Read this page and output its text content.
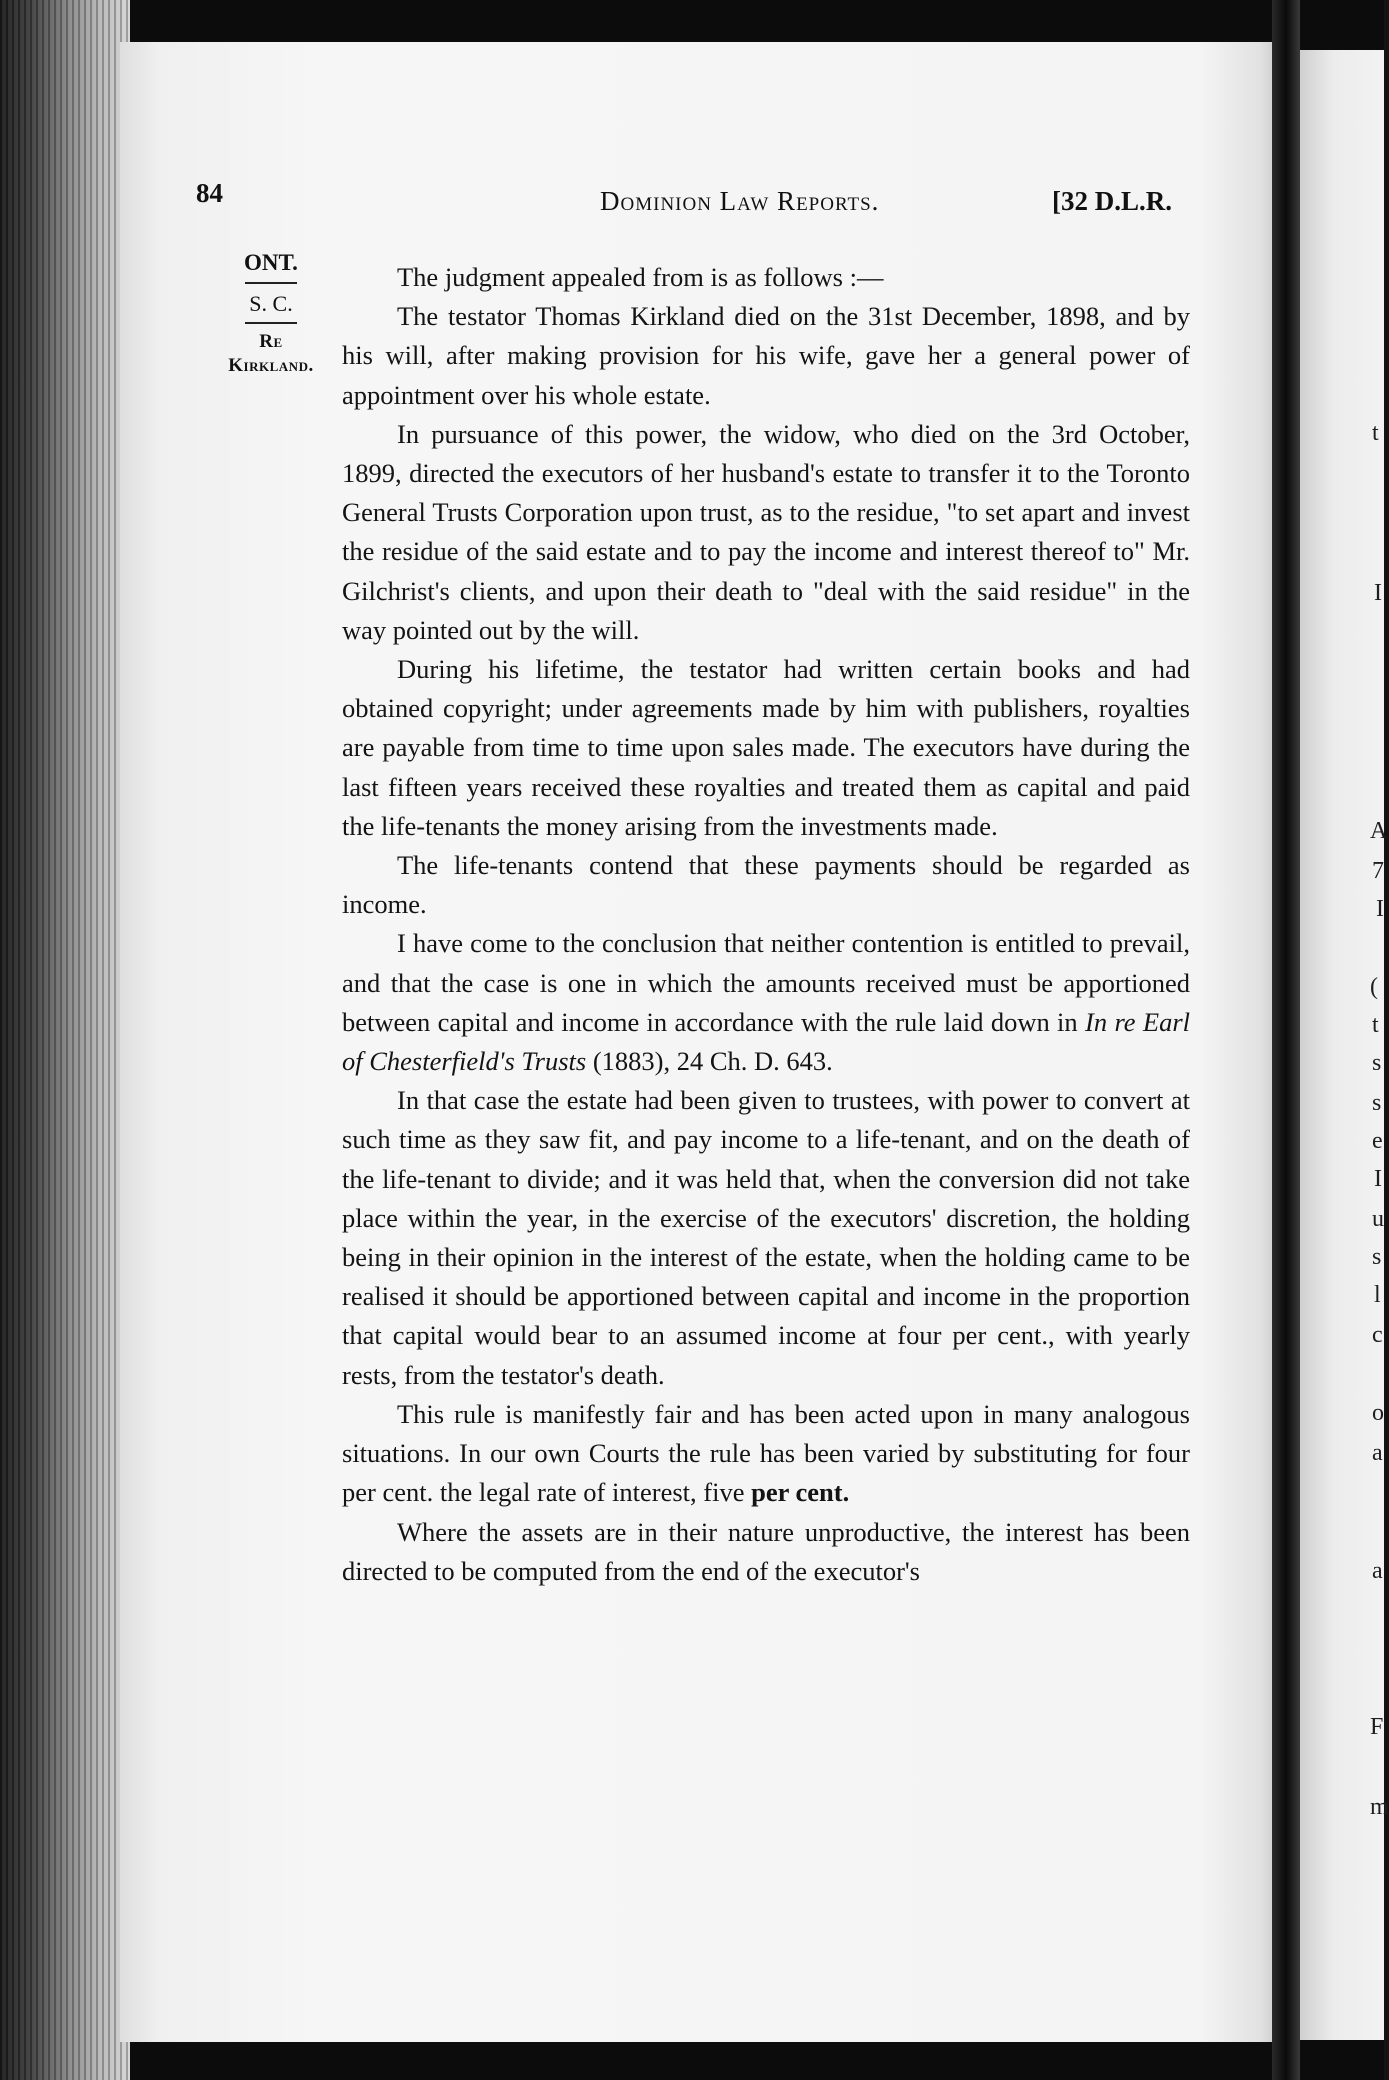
t
I
A
7
I
(
t
s
s
e
I
u
s
l
c
o
a
a
F
m
84	Dominion Law Reports.	[32 D.L.R.
ONT.
S. C.
Re
Kirkland.

The judgment appealed from is as follows :—

The testator Thomas Kirkland died on the 31st December, 1898, and by his will, after making provision for his wife, gave her a general power of appointment over his whole estate.

In pursuance of this power, the widow, who died on the 3rd October, 1899, directed the executors of her husband's estate to transfer it to the Toronto General Trusts Corporation upon trust, as to the residue, "to set apart and invest the residue of the said estate and to pay the income and interest thereof to" Mr. Gilchrist's clients, and upon their death to "deal with the said residue" in the way pointed out by the will.

During his lifetime, the testator had written certain books and had obtained copyright; under agreements made by him with publishers, royalties are payable from time to time upon sales made. The executors have during the last fifteen years received these royalties and treated them as capital and paid the life-tenants the money arising from the investments made.

The life-tenants contend that these payments should be regarded as income.

I have come to the conclusion that neither contention is entitled to prevail, and that the case is one in which the amounts received must be apportioned between capital and income in accordance with the rule laid down in In re Earl of Chesterfield's Trusts (1883), 24 Ch. D. 643.

In that case the estate had been given to trustees, with power to convert at such time as they saw fit, and pay income to a life-tenant, and on the death of the life-tenant to divide; and it was held that, when the conversion did not take place within the year, in the exercise of the executors' discretion, the holding being in their opinion in the interest of the estate, when the holding came to be realised it should be apportioned between capital and income in the proportion that capital would bear to an assumed income at four per cent., with yearly rests, from the testator's death.

This rule is manifestly fair and has been acted upon in many analogous situations. In our own Courts the rule has been varied by substituting for four per cent. the legal rate of interest, five per cent.

Where the assets are in their nature unproductive, the interest has been directed to be computed from the end of the executor's
